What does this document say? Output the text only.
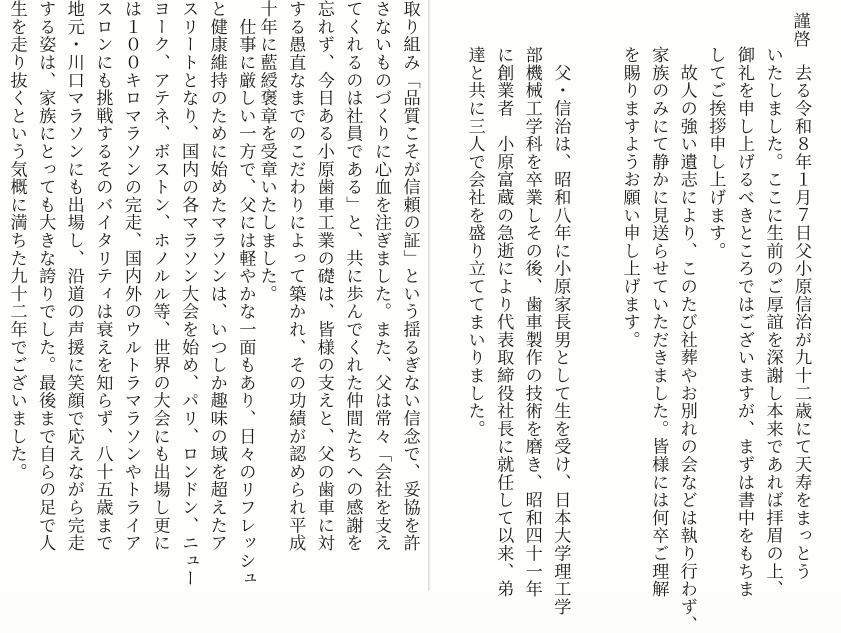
取り組み「品質こそが信頼の証」という揺るぎない信念で、妥協を許
さないものづくりに心血を注ぎました。また、父は常々「会社を支え
てくれるのは社員である」と、共に歩んでくれた仲間たちへの感謝を
忘れず、今日ある小原歯車工業の礎は、皆様の支えと、父の歯車に対
する愚直なまでのこだわりによって築かれ、その功績が認められ平成
十年に藍綬褒章を受章いたしました。
　仕事に厳しい一方で、父には軽やかな一面もあり、日々のリフレッシュ
と健康維持のために始めたマラソンは、いつしか趣味の域を超えたア
スリートとなり、国内の各マラソン大会を始め、パリ、ロンドン、ニュー
ヨーク、アテネ、ボストン、ホノルル等、世界の大会にも出場し更に
は１００キロマラソンの完走、国内外のウルトラマラソンやトライア
スロンにも挑戦するそのバイタリティは衰えを知らず、八十五歳まで
地元・川口マラソンにも出場し、沿道の声援に笑顔で応えながら完走
する姿は、家族にとっても大きな誇りでした。最後まで自らの足で人
生を走り抜くという気概に満ちた九十二年でございました。	謹啓
　去る令和８年１月７日父小原信治が九十二歳にて天寿をまっとう
いたしました。ここに生前のご厚誼を深謝し本来であれば拝眉の上、
御礼を申し上げるべきところではございますが、まずは書中をもちま
してご挨拶申し上げます。
　故人の強い遺志により、このたび社葬やお別れの会などは執り行わず、
家族のみにて静かに見送らせていただきました。皆様には何卒ご理解
を賜りますようお願い申し上げます。
　父・信治は、昭和八年に小原家長男として生を受け、日本大学理工学
部機械工学科を卒業しその後、歯車製作の技術を磨き、昭和四十一年
に創業者　小原富蔵の急逝により代表取締役社長に就任して以来、弟
達と共に三人で会社を盛り立ててまいりました。
